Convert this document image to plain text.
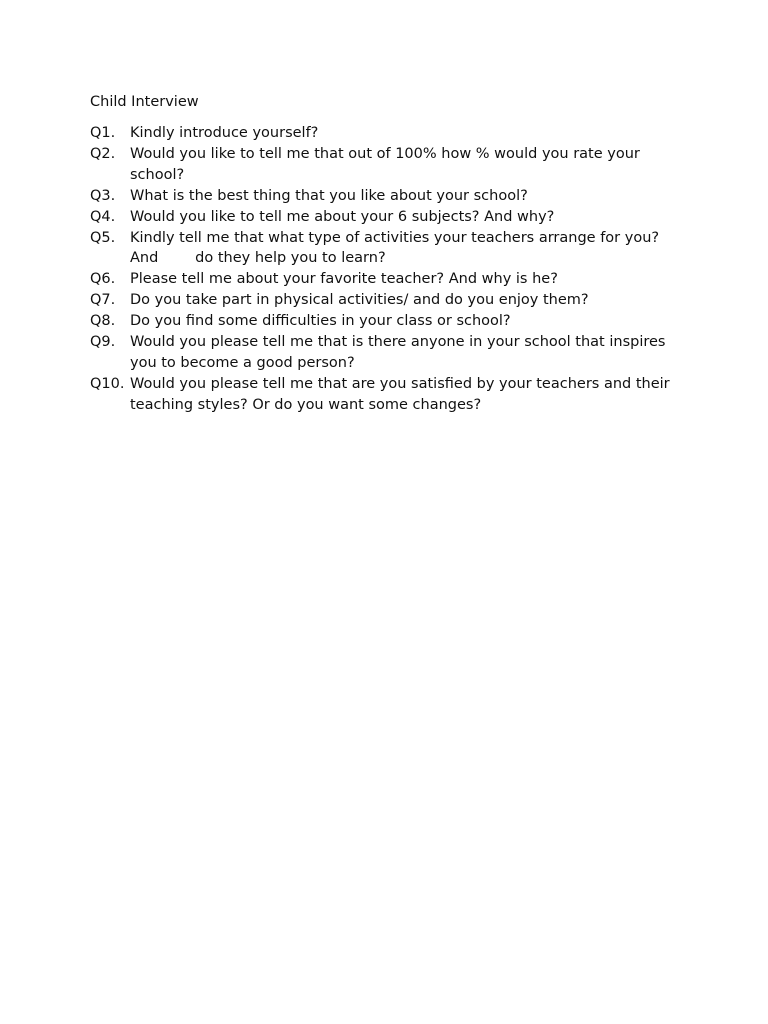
Child Interview
Q1.	Kindly introduce yourself?
Q2.	Would you like to tell me that out of 100% how % would you rate your school?
Q3.	What is the best thing that you like about your school?
Q4.	Would you like to tell me about your 6 subjects? And why?
Q5.	Kindly tell me that what type of activities your teachers arrange for you? And        do they help you to learn?
Q6.	Please tell me about your favorite teacher? And why is he?
Q7.	Do you take part in physical activities/ and do you enjoy them?
Q8.	Do you find some difficulties in your class or school?
Q9.	Would you please tell me that is there anyone in your school that inspires you to become a good person?
Q10. Would you please tell me that are you satisfied by your teachers and their teaching styles? Or do you want some changes?
